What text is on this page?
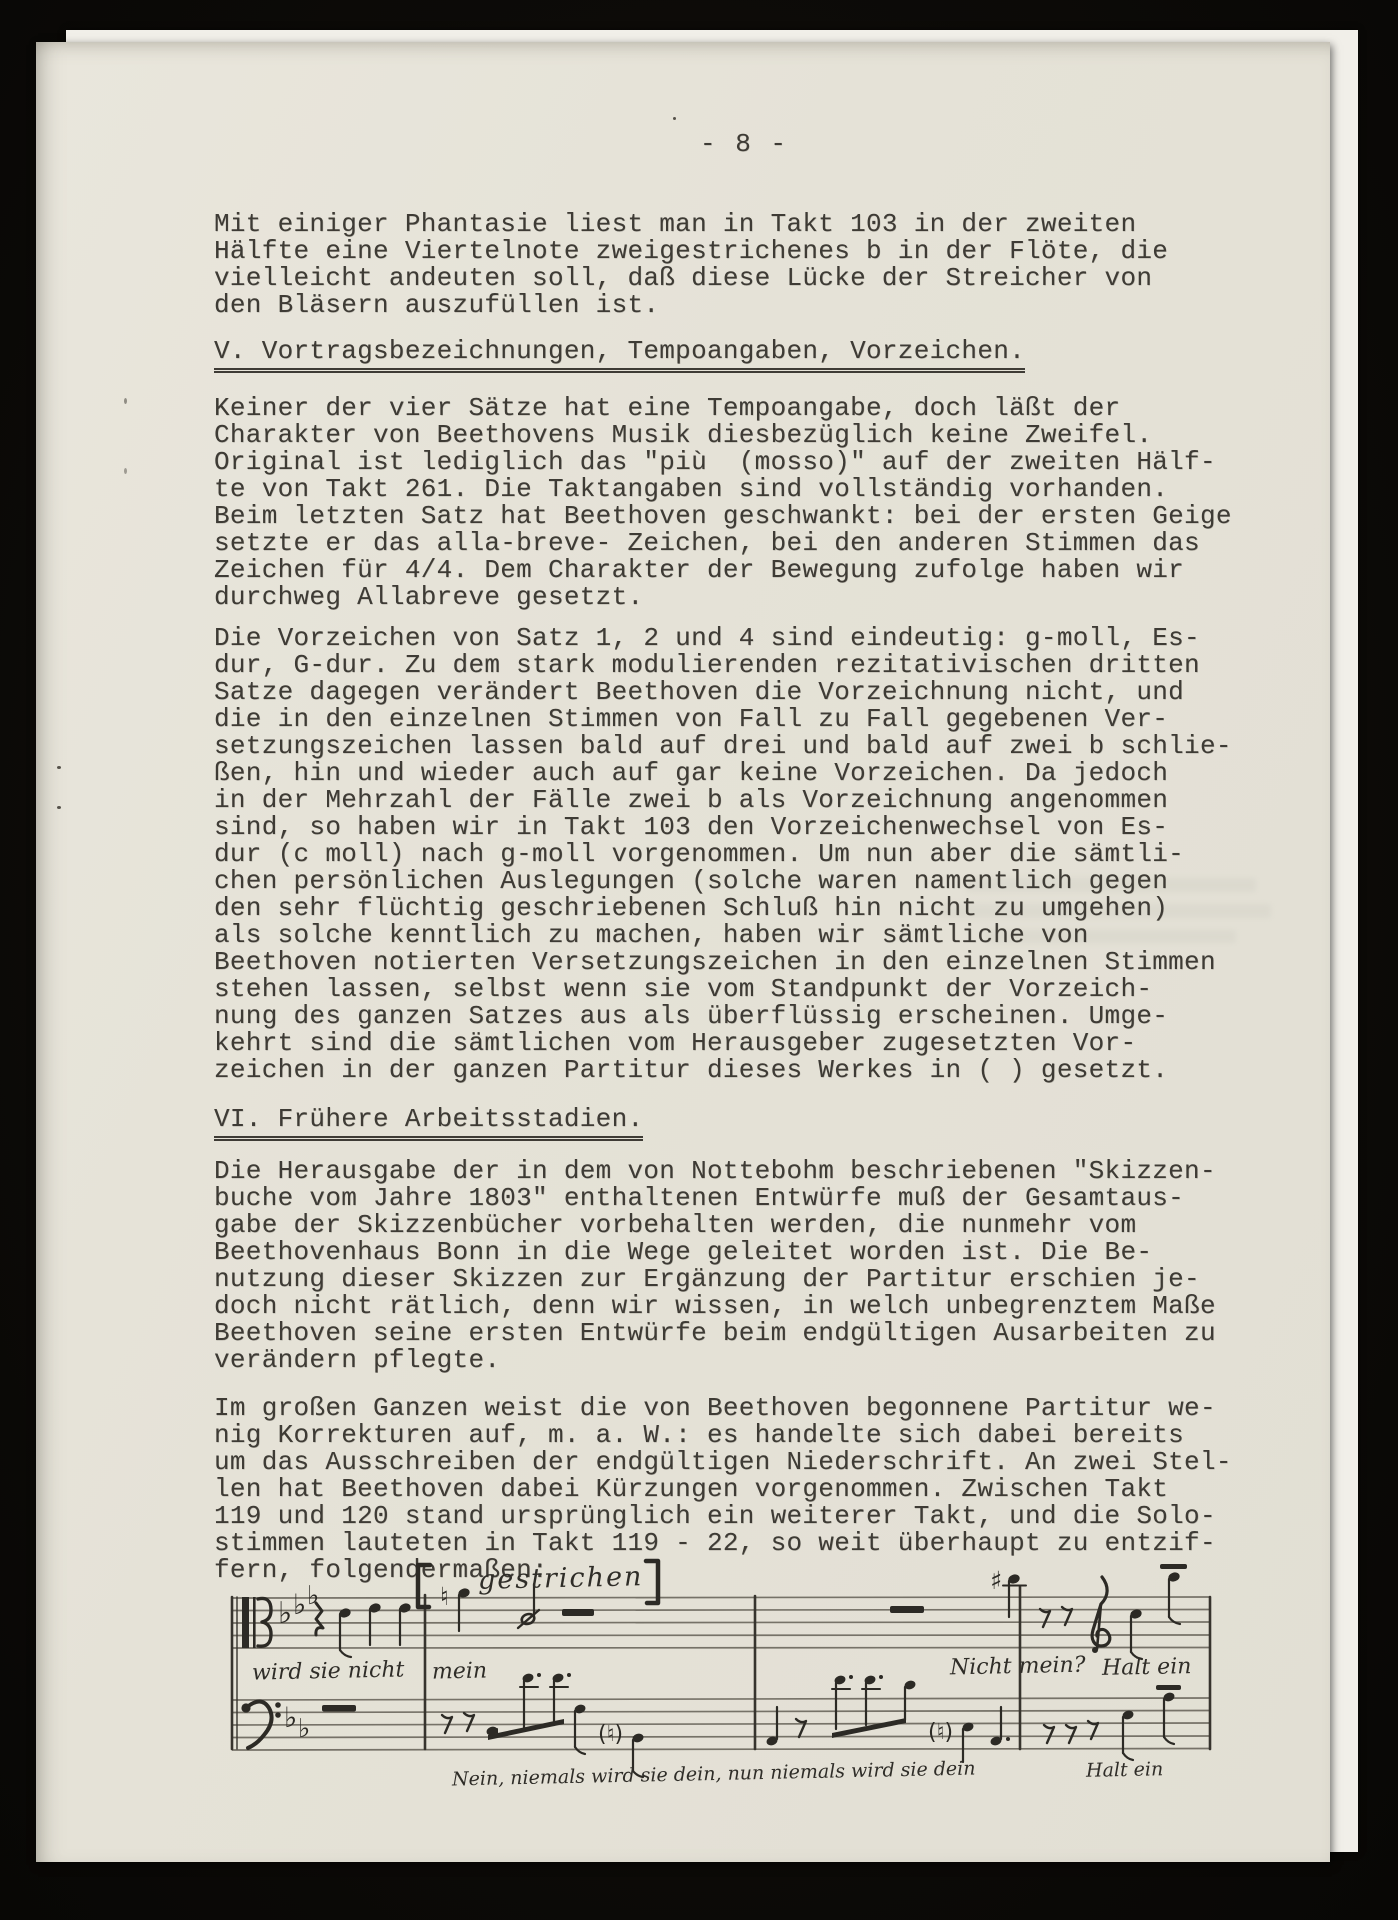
- 8 -
Mit einiger Phantasie liest man in Takt 103 in der zweiten
Hälfte eine Viertelnote zweigestrichenes b in der Flöte, die
vielleicht andeuten soll, daß diese Lücke der Streicher von
den Bläsern auszufüllen ist.
V. Vortragsbezeichnungen, Tempoangaben, Vorzeichen.
Keiner der vier Sätze hat eine Tempoangabe, doch läßt der
Charakter von Beethovens Musik diesbezüglich keine Zweifel.
Original ist lediglich das "più  (mosso)" auf der zweiten Hälf-
te von Takt 261. Die Taktangaben sind vollständig vorhanden.
Beim letzten Satz hat Beethoven geschwankt: bei der ersten Geige
setzte er das alla-breve- Zeichen, bei den anderen Stimmen das
Zeichen für 4/4. Dem Charakter der Bewegung zufolge haben wir
durchweg Allabreve gesetzt.
Die Vorzeichen von Satz 1, 2 und 4 sind eindeutig: g-moll, Es-
dur, G-dur. Zu dem stark modulierenden rezitativischen dritten
Satze dagegen verändert Beethoven die Vorzeichnung nicht, und
die in den einzelnen Stimmen von Fall zu Fall gegebenen Ver-
setzungszeichen lassen bald auf drei und bald auf zwei b schlie-
ßen, hin und wieder auch auf gar keine Vorzeichen. Da jedoch
in der Mehrzahl der Fälle zwei b als Vorzeichnung angenommen
sind, so haben wir in Takt 103 den Vorzeichenwechsel von Es-
dur (c moll) nach g-moll vorgenommen. Um nun aber die sämtli-
chen persönlichen Auslegungen (solche waren namentlich gegen
den sehr flüchtig geschriebenen Schluß hin nicht zu umgehen)
als solche kenntlich zu machen, haben wir sämtliche von
Beethoven notierten Versetzungszeichen in den einzelnen Stimmen
stehen lassen, selbst wenn sie vom Standpunkt der Vorzeich-
nung des ganzen Satzes aus als überflüssig erscheinen. Umge-
kehrt sind die sämtlichen vom Herausgeber zugesetzten Vor-
zeichen in der ganzen Partitur dieses Werkes in ( ) gesetzt.
VI. Frühere Arbeitsstadien.
Die Herausgabe der in dem von Nottebohm beschriebenen "Skizzen-
buche vom Jahre 1803" enthaltenen Entwürfe muß der Gesamtaus-
gabe der Skizzenbücher vorbehalten werden, die nunmehr vom
Beethovenhaus Bonn in die Wege geleitet worden ist. Die Be-
nutzung dieser Skizzen zur Ergänzung der Partitur erschien je-
doch nicht rätlich, denn wir wissen, in welch unbegrenztem Maße
Beethoven seine ersten Entwürfe beim endgültigen Ausarbeiten zu
verändern pflegte.
Im großen Ganzen weist die von Beethoven begonnene Partitur we-
nig Korrekturen auf, m. a. W.: es handelte sich dabei bereits
um das Ausschreiben der endgültigen Niederschrift. An zwei Stel-
len hat Beethoven dabei Kürzungen vorgenommen. Zwischen Takt
119 und 120 stand ursprünglich ein weiterer Takt, und die Solo-
stimmen lauteten in Takt 119 - 22, so weit überhaupt zu entzif-
fern, folgendermaßen:
♭ ♭ ♭
♭ ♭
♮
♯
(♮)	(♮)
gestrichen
wird sie nicht mein	Nicht mein? Halt ein
Nein, niemals wird sie dein, nun niemals wird sie dein	Halt ein
